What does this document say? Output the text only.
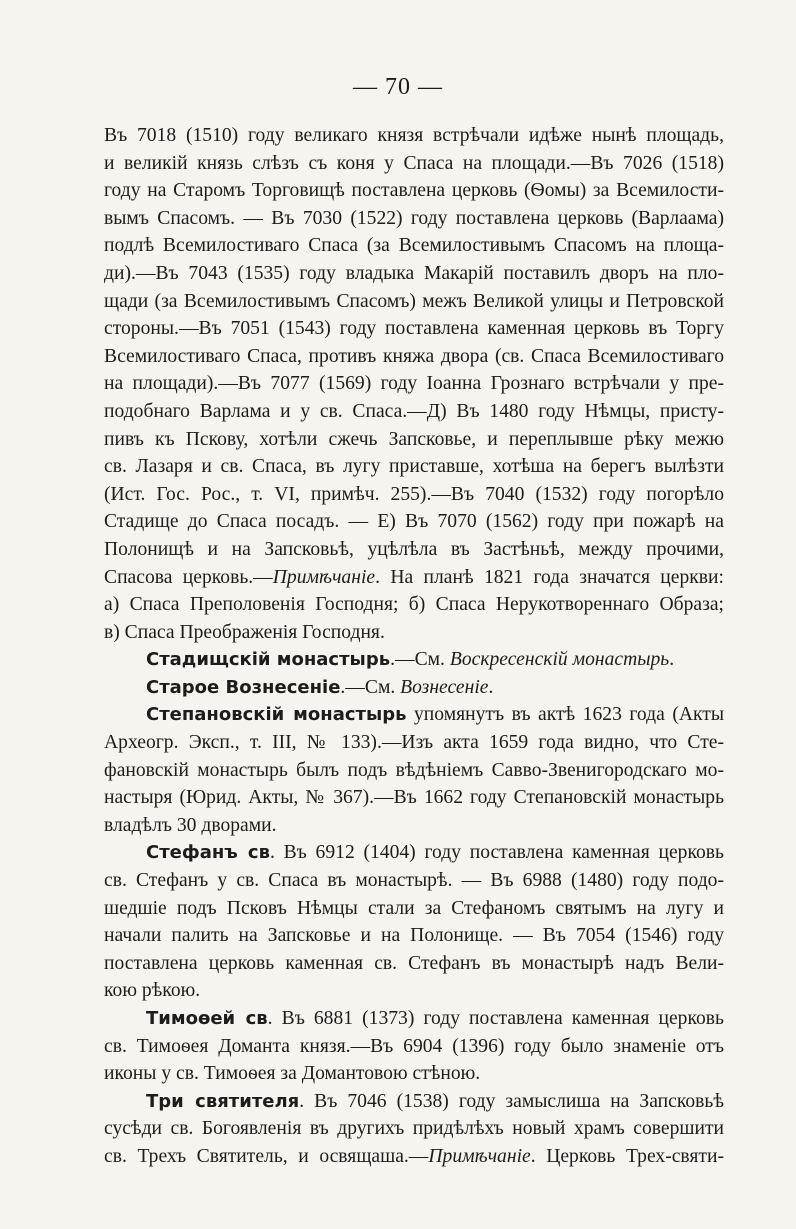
— 70 —
Въ 7018 (1510) году великаго князя встрѣчали идѣже нынѣ площадь,
и великій князь слѣзъ съ коня у Спаса на площади.—Въ 7026 (1518)
году на Старомъ Торговищѣ поставлена церковь (Ѳомы) за Всемилости-
вымъ Спасомъ. — Въ 7030 (1522) году поставлена церковь (Варлаама)
подлѣ Всемилостиваго Спаса (за Всемилостивымъ Спасомъ на площа-
ди).—Въ 7043 (1535) году владыка Макарій поставилъ дворъ на пло-
щади (за Всемилостивымъ Спасомъ) межъ Великой улицы и Петровской
стороны.—Въ 7051 (1543) году поставлена каменная церковь въ Торгу
Всемилостиваго Спаса, противъ княжа двора (св. Спаса Всемилостиваго
на площади).—Въ 7077 (1569) году Іоанна Грознаго встрѣчали у пре-
подобнаго Варлама и у св. Спаса.—Д) Въ 1480 году Нѣмцы, присту-
пивъ къ Пскову, хотѣли сжечь Запсковье, и переплывше рѣку межю
св. Лазаря и св. Спаса, въ лугу приставше, хотѣша на берегъ вылѣзти
(Ист. Гос. Рос., т. VI, примѣч. 255).—Въ 7040 (1532) году погорѣло
Стадище до Спаса посадъ. — Е) Въ 7070 (1562) году при пожарѣ на
Полонищѣ и на Запсковьѣ, уцѣлѣла въ Застѣньѣ, между прочими,
Спасова церковь.—Примѣчаніе. На планѣ 1821 года значатся церкви:
а) Спаса Преполовенія Господня; б) Спаса Нерукотвореннаго Образа;
в) Спаса Преображенія Господня.
Стадищскій монастырь.—См. Воскресенскій монастырь.
Старое Вознесеніе.—См. Вознесеніе.
Степановскій монастырь упомянутъ въ актѣ 1623 года (Акты
Археогр. Эксп., т. III, № 133).—Изъ акта 1659 года видно, что Сте-
фановскій монастырь былъ подъ вѣдѣніемъ Савво-Звенигородскаго мо-
настыря (Юрид. Акты, № 367).—Въ 1662 году Степановскій монастырь
владѣлъ 30 дворами.
Стефанъ св. Въ 6912 (1404) году поставлена каменная церковь
св. Стефанъ у св. Спаса въ монастырѣ. — Въ 6988 (1480) году подо-
шедшіе подъ Псковъ Нѣмцы стали за Стефаномъ святымъ на лугу и
начали палить на Запсковье и на Полонище. — Въ 7054 (1546) году
поставлена церковь каменная св. Стефанъ въ монастырѣ надъ Вели-
кою рѣкою.
Тимоѳей св. Въ 6881 (1373) году поставлена каменная церковь
св. Тимоѳея Доманта князя.—Въ 6904 (1396) году было знаменіе отъ
иконы у св. Тимоѳея за Домантовою стѣною.
Три святителя. Въ 7046 (1538) году замыслиша на Запсковьѣ
сусѣди св. Богоявленія въ другихъ придѣлѣхъ новый храмъ совершити
св. Трехъ Святитель, и освящаша.—Примѣчаніе. Церковь Трех-святи-
